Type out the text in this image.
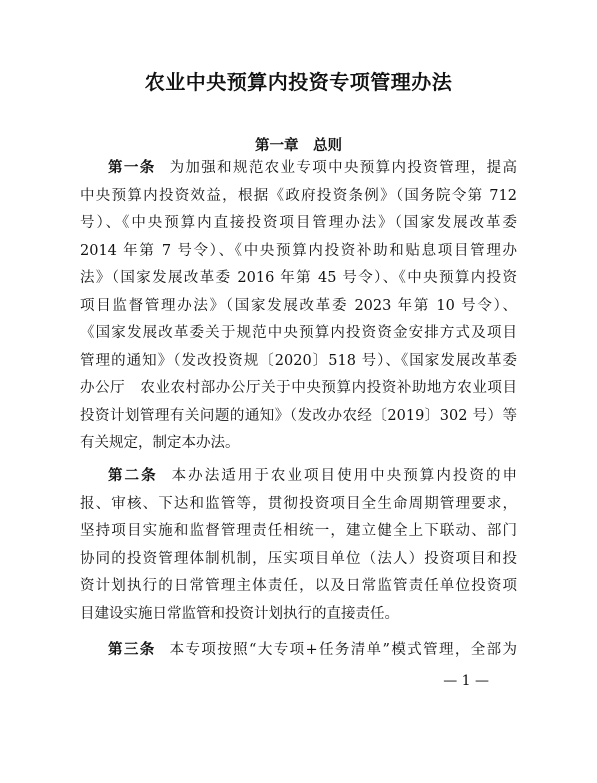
农业中央预算内投资专项管理办法
第一章　总则
第一条 为加强和规范农业专项中央预算内投资管理，提高
中央预算内投资效益，根据《政府投资条例》（国务院令第 712
号）、《中央预算内直接投资项目管理办法》（国家发展改革委
2014 年第 7 号令）、《中央预算内投资补助和贴息项目管理办
法》（国家发展改革委 2016 年第 45 号令）、《中央预算内投资
项目监督管理办法》（国家发展改革委 2023 年第 10 号令）、
《国家发展改革委关于规范中央预算内投资资金安排方式及项目
管理的通知》（发改投资规〔2020〕518 号）、《国家发展改革委
办公厅　农业农村部办公厅关于中央预算内投资补助地方农业项目
投资计划管理有关问题的通知》（发改办农经〔2019〕302 号）等
有关规定，制定本办法。
第二条 本办法适用于农业项目使用中央预算内投资的申
报、审核、下达和监管等，贯彻投资项目全生命周期管理要求，
坚持项目实施和监督管理责任相统一，建立健全上下联动、部门
协同的投资管理体制机制，压实项目单位（法人）投资项目和投
资计划执行的日常管理主体责任，以及日常监管责任单位投资项
目建设实施日常监管和投资计划执行的直接责任。
第三条 本专项按照“大专项+任务清单”模式管理，全部为
— 1 —
